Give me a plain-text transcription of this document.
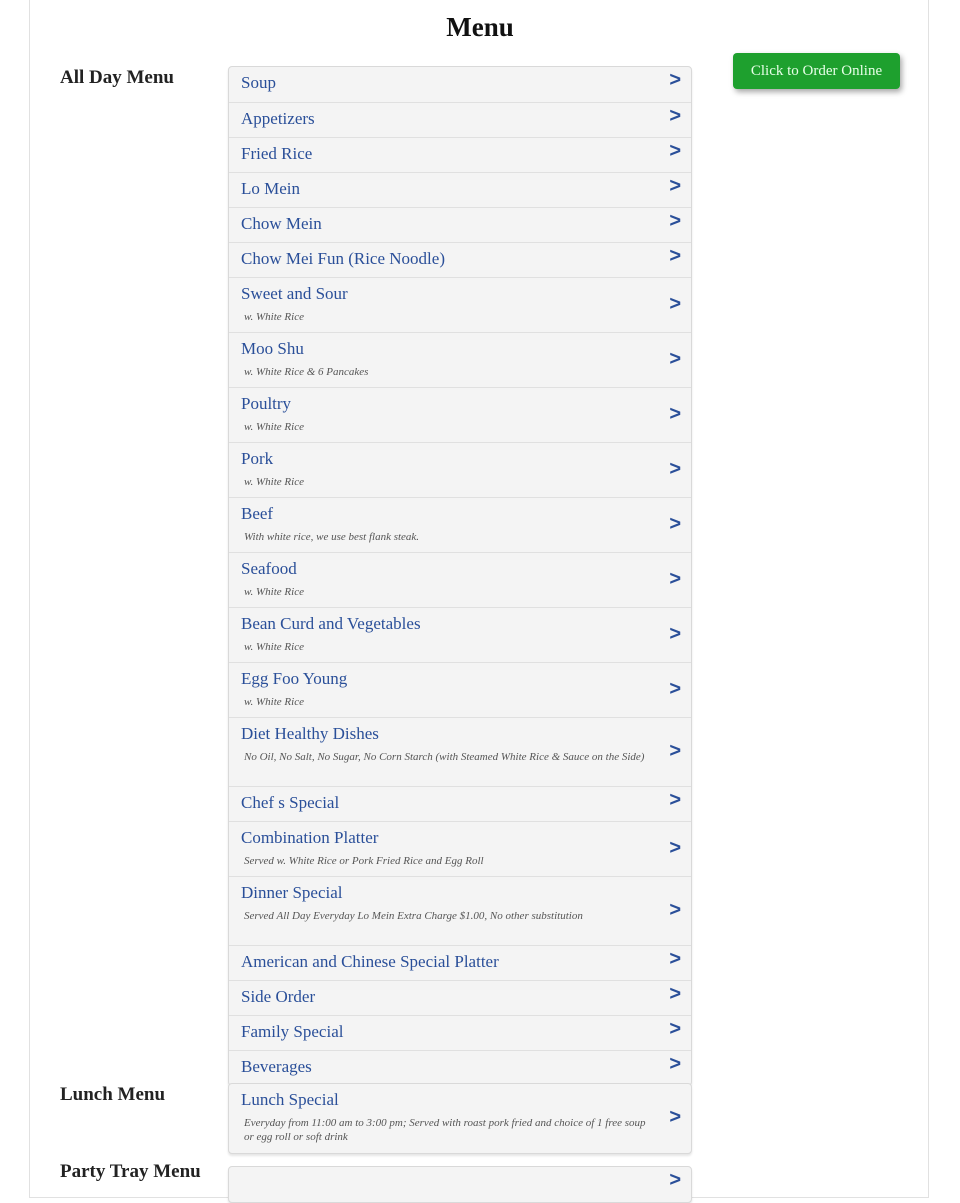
Menu
Click to Order Online
All Day Menu	Soup	>
Appetizers	>
Fried Rice	>
Lo Mein	>
Chow Mein	>
Chow Mei Fun (Rice Noodle)	>
Sweet and Sour
w. White Rice
>
Moo Shu
w. White Rice & 6 Pancakes
>
Poultry
w. White Rice
>
Pork
w. White Rice
>
Beef
With white rice, we use best flank steak.
>
Seafood
w. White Rice
>
Bean Curd and Vegetables
w. White Rice
>
Egg Foo Young
w. White Rice
>
Diet Healthy Dishes
No Oil, No Salt, No Sugar, No Corn Starch (with Steamed White Rice & Sauce on the Side)	>
Chef s Special	>
Combination Platter
Served w. White Rice or Pork Fried Rice and Egg Roll
>
Dinner Special
Served All Day Everyday Lo Mein Extra Charge $1.00, No other substitution	>
American and Chinese Special Platter	>
Side Order	>
Family Special	>
Beverages	>
Lunch Menu	Lunch Special
Everyday from 11:00 am to 3:00 pm; Served with roast pork fried and choice of 1 free soup or egg roll or soft drink
>
Party Tray Menu	>
